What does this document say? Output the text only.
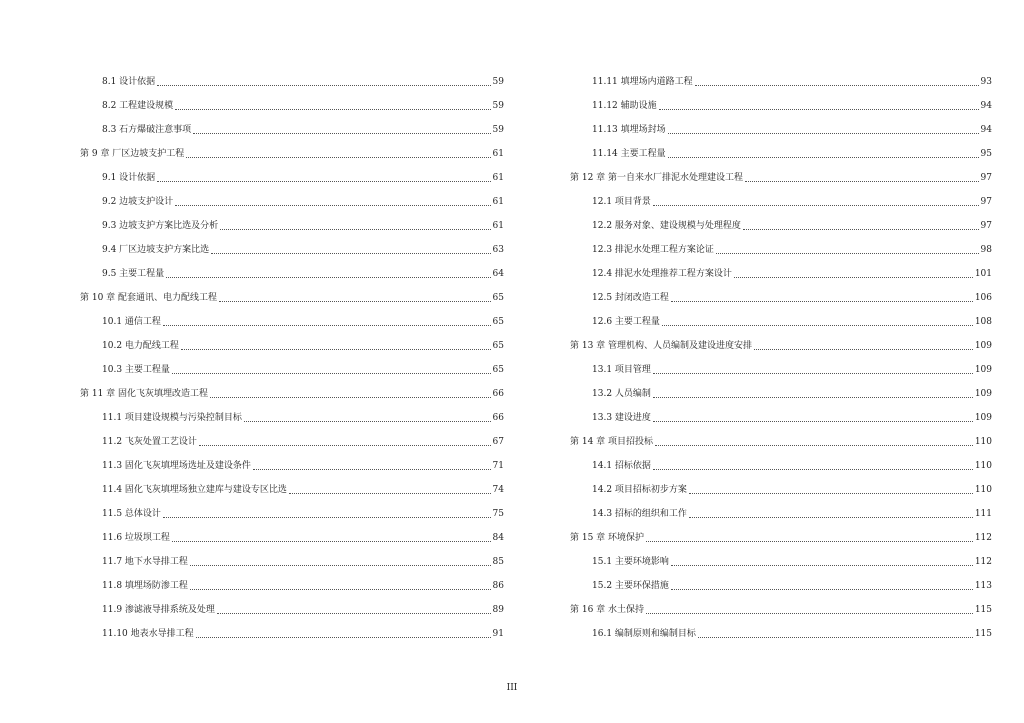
8.1 设计依据	59
8.2 工程建设规模	59
8.3 石方爆破注意事项	59
第 9 章 厂区边坡支护工程	61
9.1 设计依据	61
9.2 边坡支护设计	61
9.3 边坡支护方案比选及分析	61
9.4 厂区边坡支护方案比选	63
9.5 主要工程量	64
第 10 章 配套通讯、电力配线工程	65
10.1 通信工程	65
10.2 电力配线工程	65
10.3 主要工程量	65
第 11 章 固化飞灰填埋改造工程	66
11.1 项目建设规模与污染控制目标	66
11.2 飞灰处置工艺设计	67
11.3 固化飞灰填埋场选址及建设条件	71
11.4 固化飞灰填埋场独立建库与建设专区比选	74
11.5 总体设计	75
11.6 垃圾坝工程	84
11.7 地下水导排工程	85
11.8 填埋场防渗工程	86
11.9 渗滤液导排系统及处理	89
11.10 地表水导排工程	91
11.11 填埋场内道路工程	93
11.12 辅助设施	94
11.13 填埋场封场	94
11.14 主要工程量	95
第 12 章 第一自来水厂排泥水处理建设工程	97
12.1 项目背景	97
12.2 服务对象、建设规模与处理程度	97
12.3 排泥水处理工程方案论证	98
12.4 排泥水处理推荐工程方案设计	101
12.5 封闭改造工程	106
12.6 主要工程量	108
第 13 章 管理机构、人员编制及建设进度安排	109
13.1 项目管理	109
13.2 人员编制	109
13.3 建设进度	109
第 14 章 项目招投标	110
14.1 招标依据	110
14.2 项目招标初步方案	110
14.3 招标的组织和工作	111
第 15 章 环境保护	112
15.1 主要环境影响	112
15.2 主要环保措施	113
第 16 章 水土保持	115
16.1 编制原则和编制目标	115
III
